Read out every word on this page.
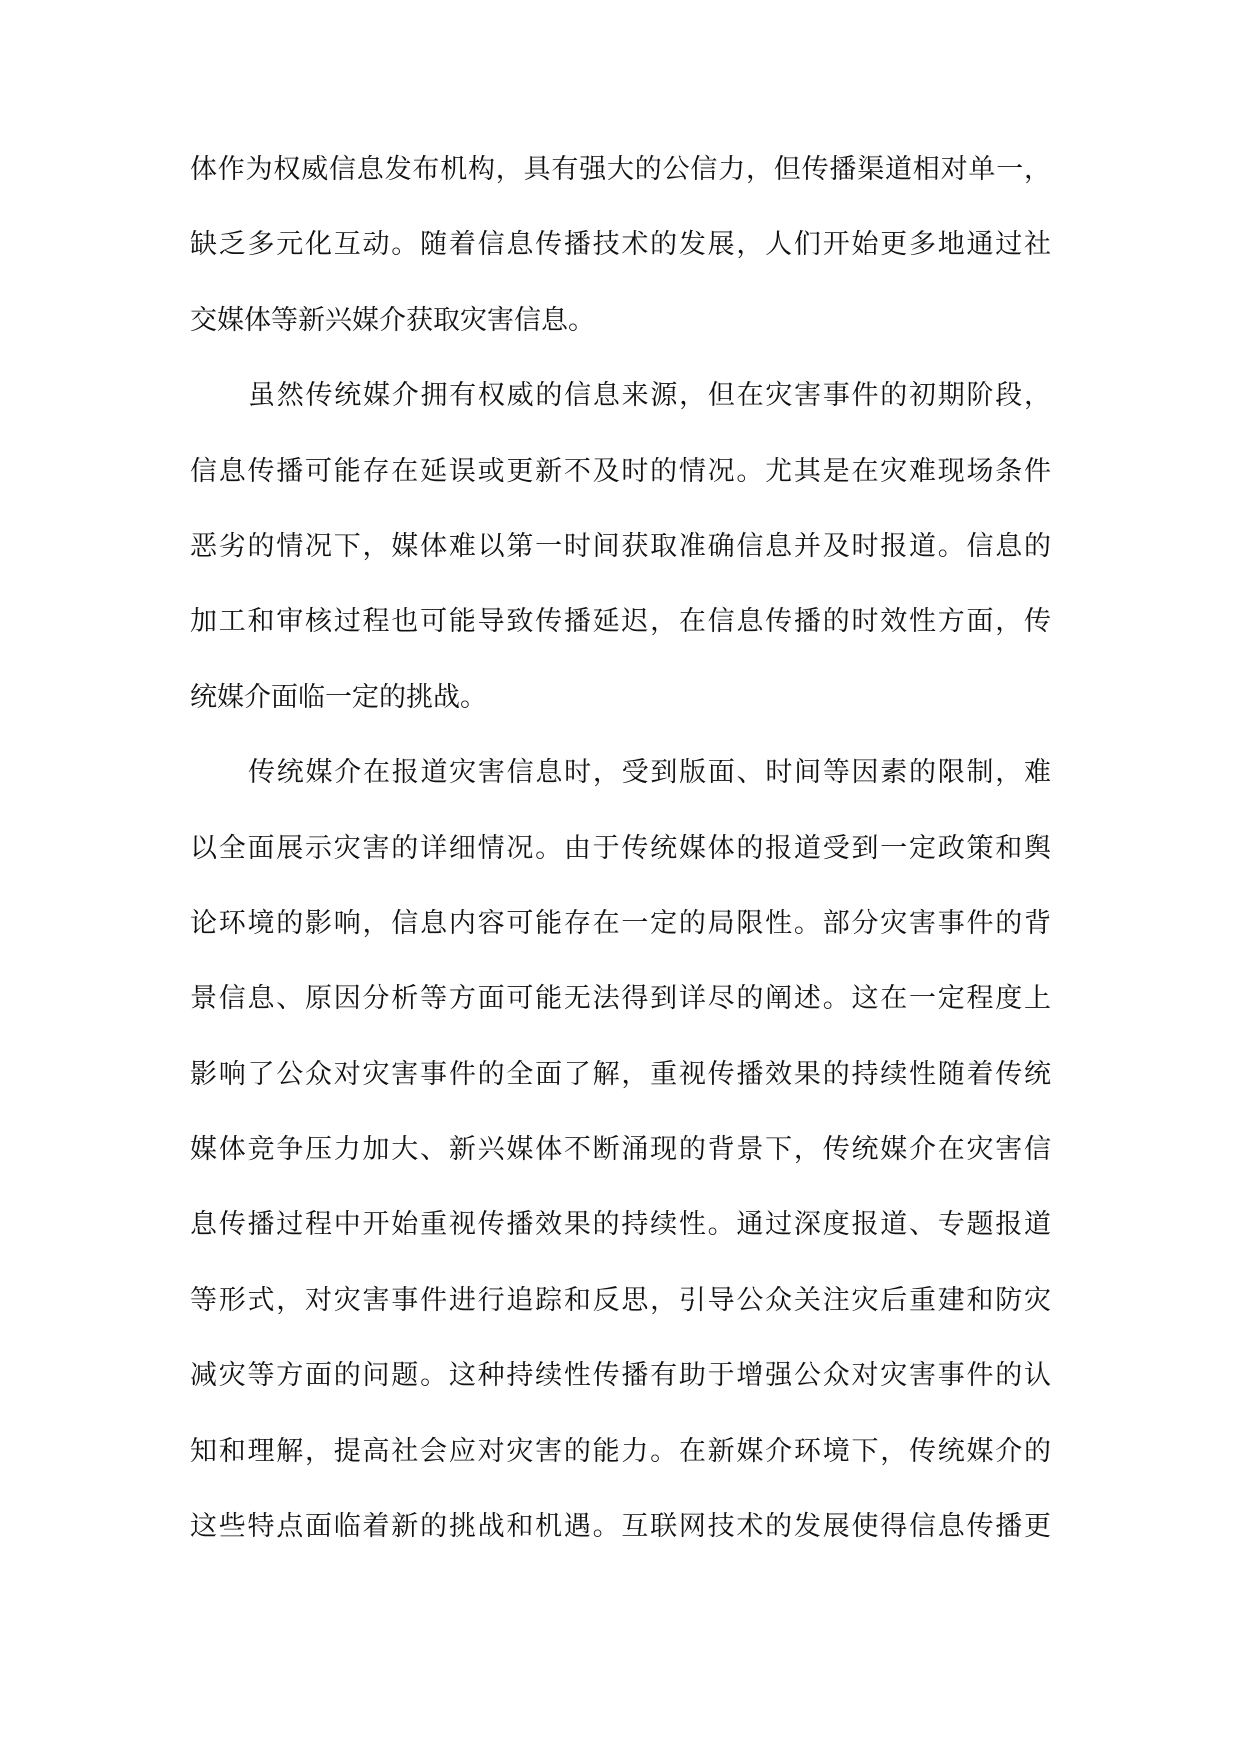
体作为权威信息发布机构，具有强大的公信力，但传播渠道相对单一，
缺乏多元化互动。随着信息传播技术的发展，人们开始更多地通过社
交媒体等新兴媒介获取灾害信息。
虽然传统媒介拥有权威的信息来源，但在灾害事件的初期阶段，
信息传播可能存在延误或更新不及时的情况。尤其是在灾难现场条件
恶劣的情况下，媒体难以第一时间获取准确信息并及时报道。信息的
加工和审核过程也可能导致传播延迟，在信息传播的时效性方面，传
统媒介面临一定的挑战。
传统媒介在报道灾害信息时，受到版面、时间等因素的限制，难
以全面展示灾害的详细情况。由于传统媒体的报道受到一定政策和舆
论环境的影响，信息内容可能存在一定的局限性。部分灾害事件的背
景信息、原因分析等方面可能无法得到详尽的阐述。这在一定程度上
影响了公众对灾害事件的全面了解，重视传播效果的持续性随着传统
媒体竞争压力加大、新兴媒体不断涌现的背景下，传统媒介在灾害信
息传播过程中开始重视传播效果的持续性。通过深度报道、专题报道
等形式，对灾害事件进行追踪和反思，引导公众关注灾后重建和防灾
减灾等方面的问题。这种持续性传播有助于增强公众对灾害事件的认
知和理解，提高社会应对灾害的能力。在新媒介环境下，传统媒介的
这些特点面临着新的挑战和机遇。互联网技术的发展使得信息传播更
